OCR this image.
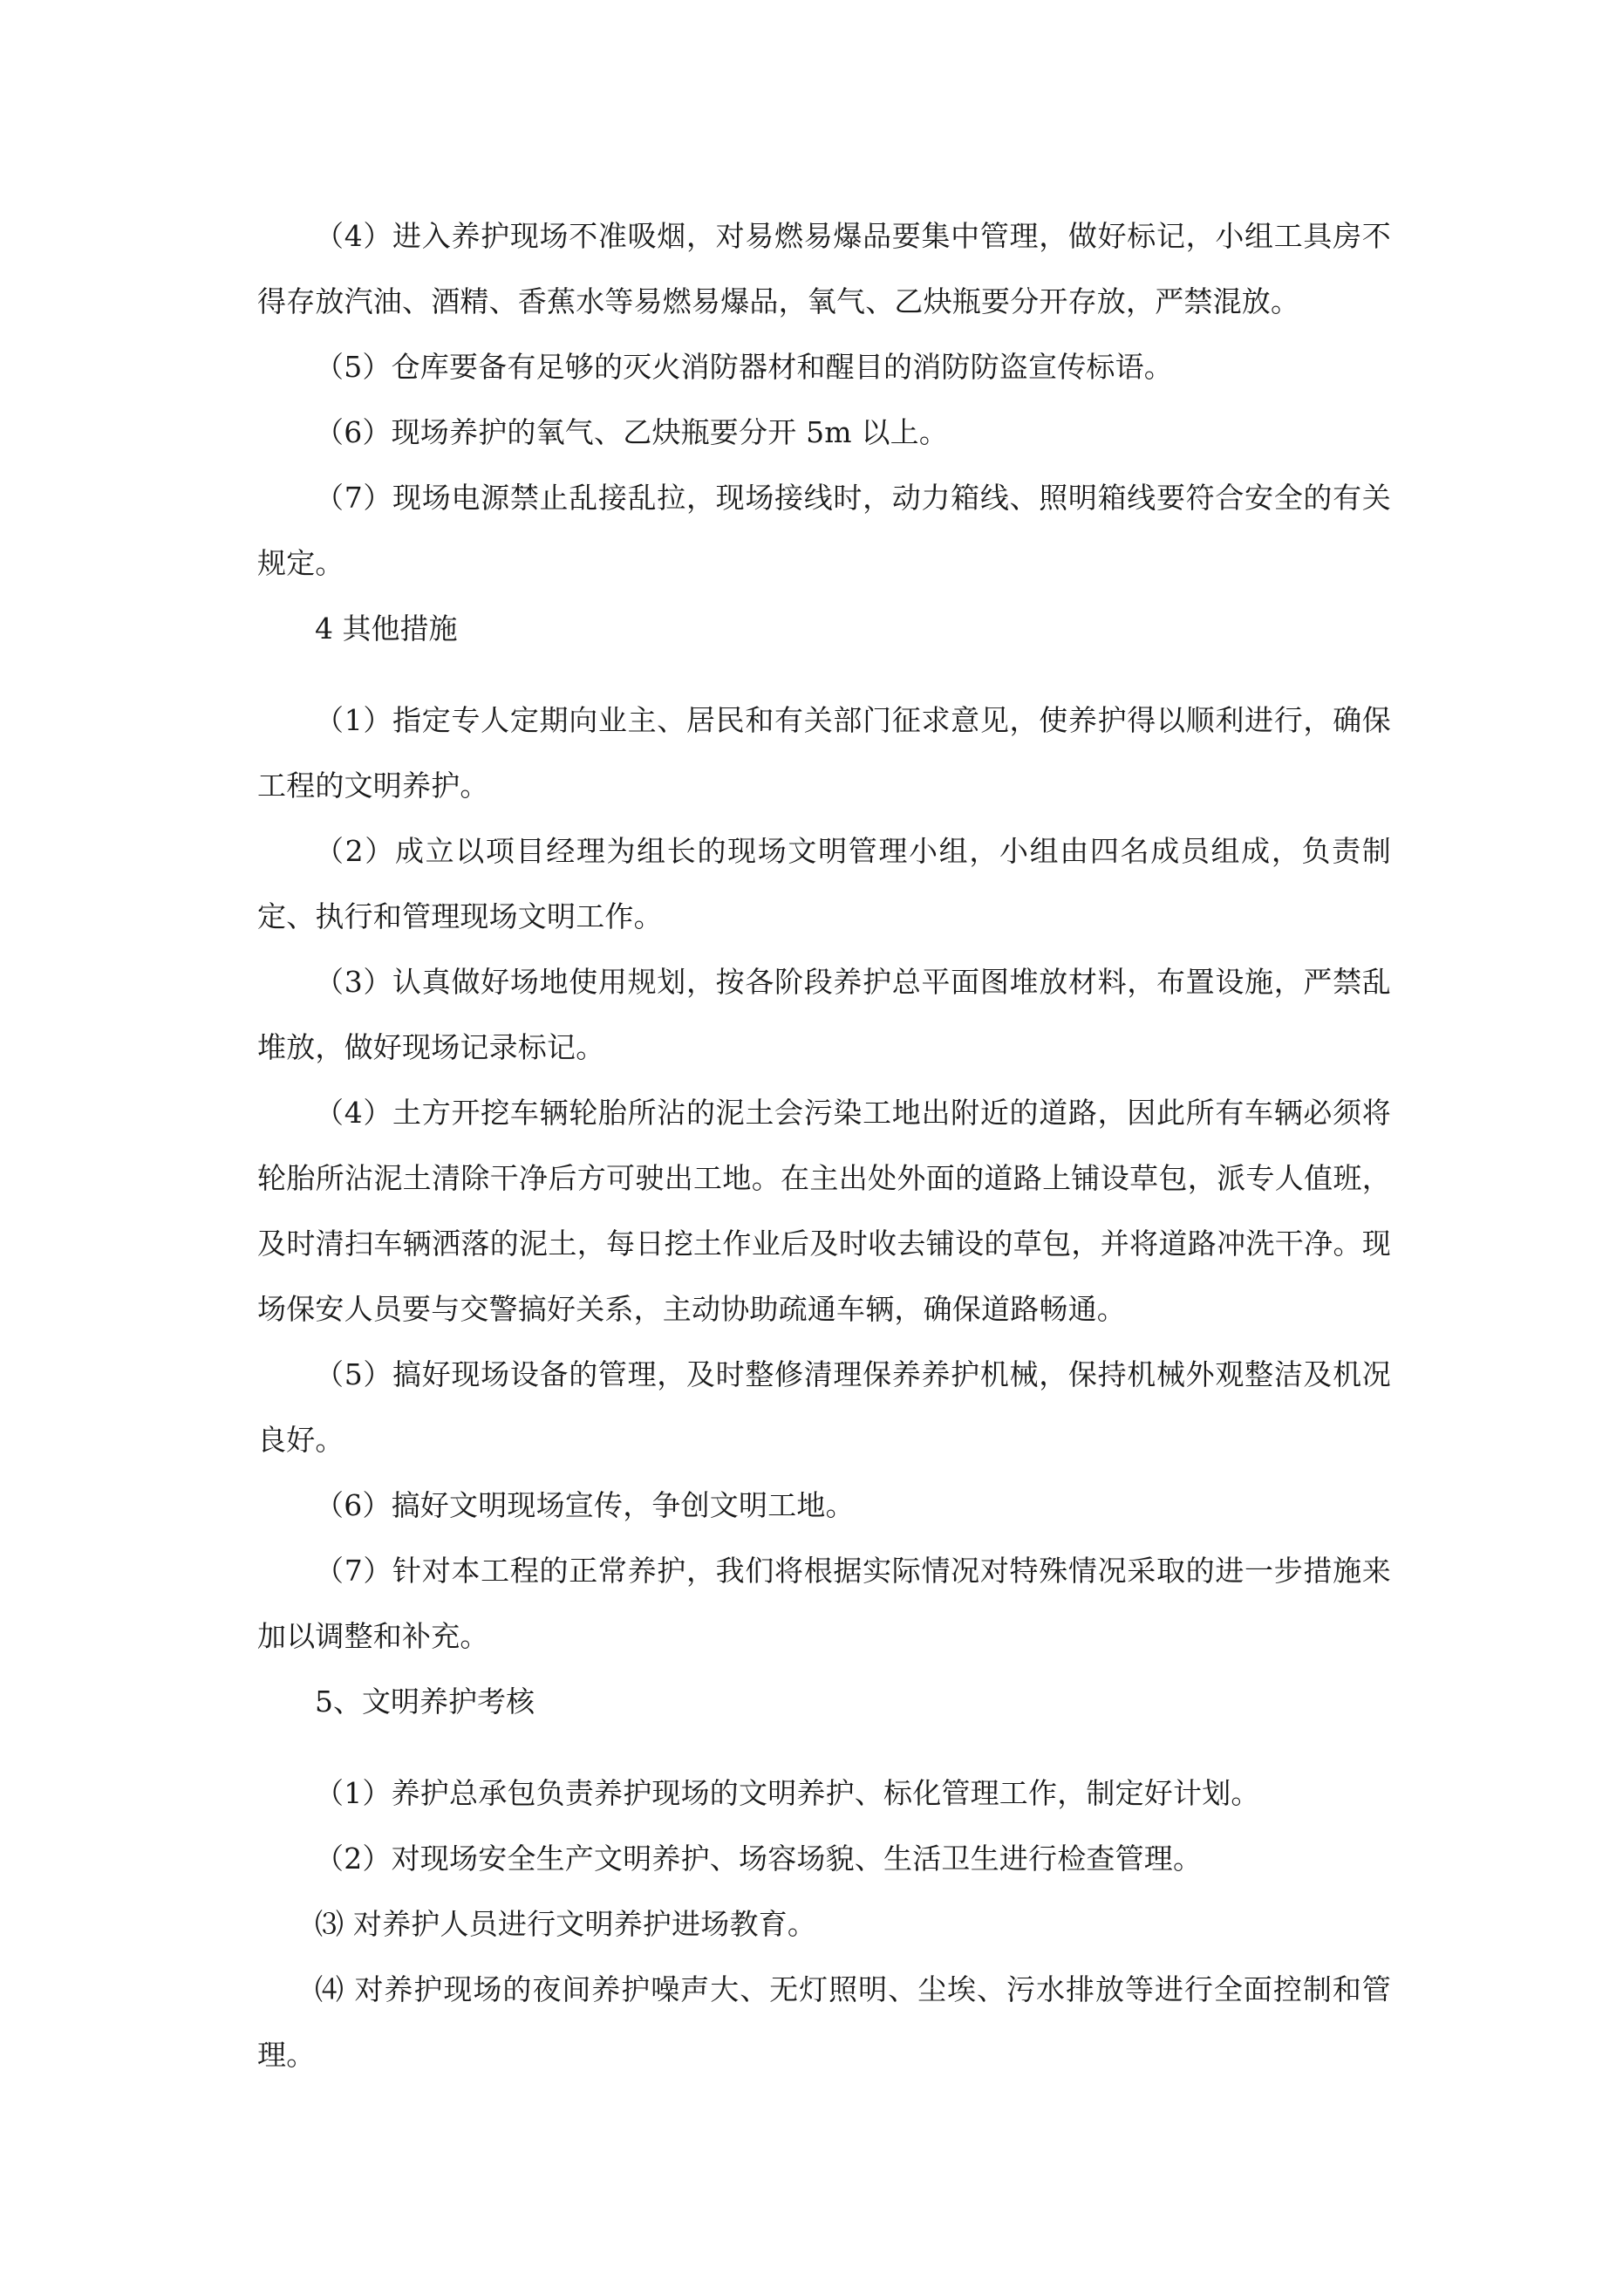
（4）进入养护现场不准吸烟，对易燃易爆品要集中管理，做好标记，小组工具房不得存放汽油、酒精、香蕉水等易燃易爆品，氧气、乙炔瓶要分开存放，严禁混放。

（5）仓库要备有足够的灭火消防器材和醒目的消防防盗宣传标语。

（6）现场养护的氧气、乙炔瓶要分开 5m 以上。

（7）现场电源禁止乱接乱拉，现场接线时，动力箱线、照明箱线要符合安全的有关规定。

4 其他措施

（1）指定专人定期向业主、居民和有关部门征求意见，使养护得以顺利进行，确保工程的文明养护。

（2）成立以项目经理为组长的现场文明管理小组，小组由四名成员组成，负责制定、执行和管理现场文明工作。

（3）认真做好场地使用规划，按各阶段养护总平面图堆放材料，布置设施，严禁乱堆放，做好现场记录标记。

（4）土方开挖车辆轮胎所沾的泥土会污染工地出附近的道路，因此所有车辆必须将轮胎所沾泥土清除干净后方可驶出工地。在主出处外面的道路上铺设草包，派专人值班，及时清扫车辆洒落的泥土，每日挖土作业后及时收去铺设的草包，并将道路冲洗干净。现场保安人员要与交警搞好关系，主动协助疏通车辆，确保道路畅通。

（5）搞好现场设备的管理，及时整修清理保养养护机械，保持机械外观整洁及机况良好。

（6）搞好文明现场宣传，争创文明工地。

（7）针对本工程的正常养护，我们将根据实际情况对特殊情况采取的进一步措施来加以调整和补充。

5、文明养护考核

（1）养护总承包负责养护现场的文明养护、标化管理工作，制定好计划。

（2）对现场安全生产文明养护、场容场貌、生活卫生进行检查管理。

⑶ 对养护人员进行文明养护进场教育。

⑷ 对养护现场的夜间养护噪声大、无灯照明、尘埃、污水排放等进行全面控制和管理。
